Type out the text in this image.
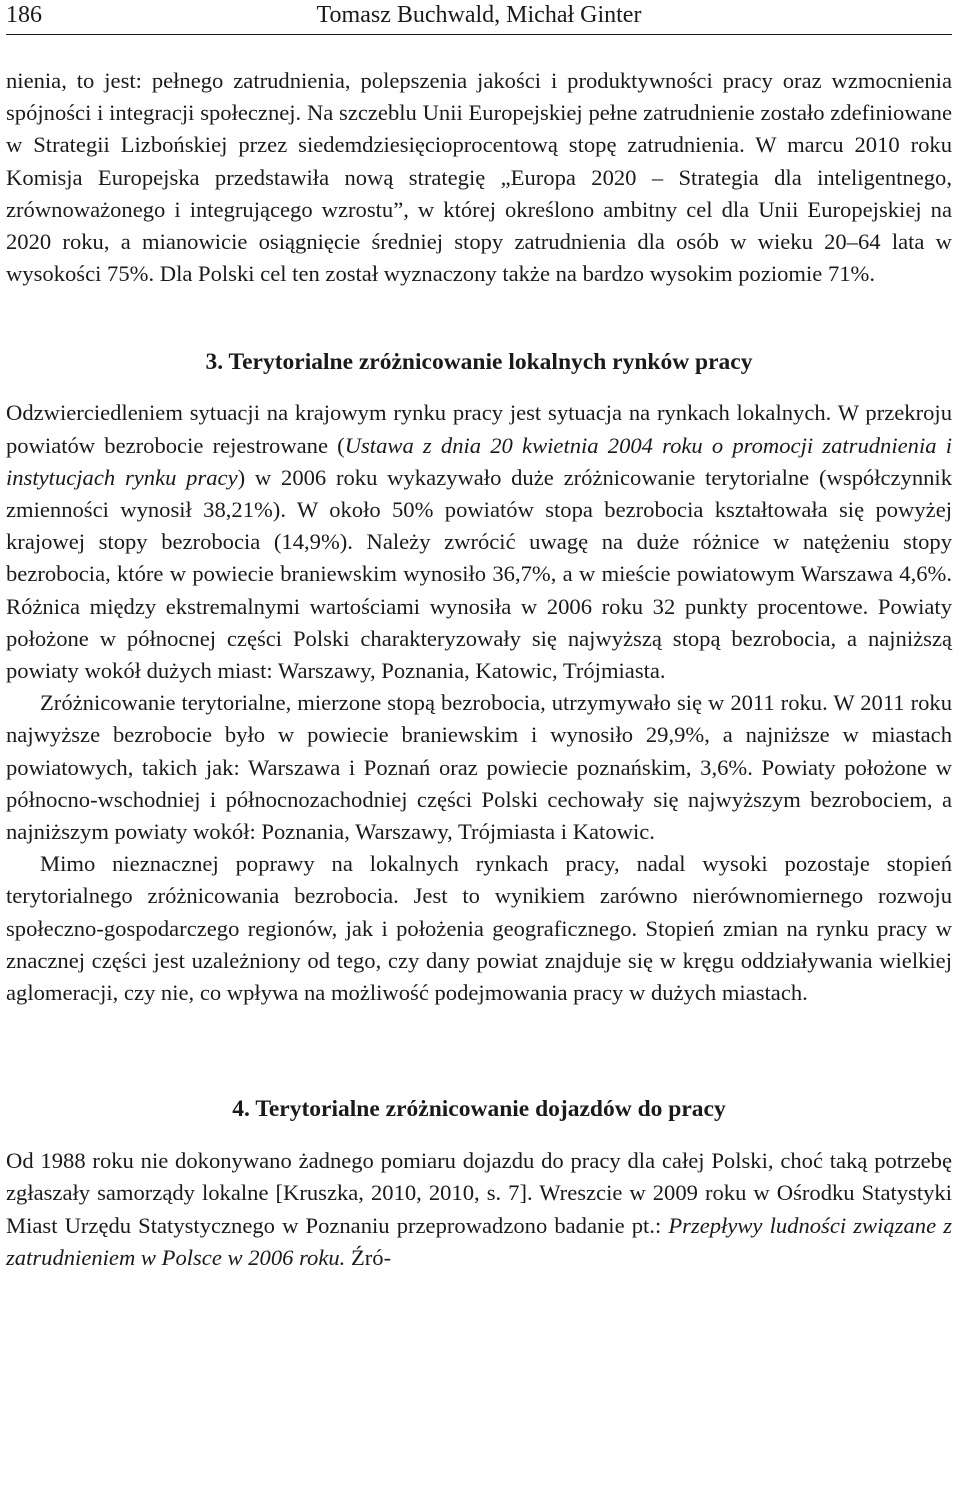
186	Tomasz Buchwald, Michał Ginter

nienia, to jest: pełnego zatrudnienia, polepszenia jakości i produktywności pracy oraz wzmocnienia spójności i integracji społecznej. Na szczeblu Unii Europejskiej pełne zatrudnienie zostało zdefiniowane w Strategii Lizbońskiej przez siedemdziesięcioprocentową stopę zatrudnienia. W marcu 2010 roku Komisja Europejska przedstawiła nową strategię „Europa 2020 – Strategia dla inteligentnego, zrównoważonego i integrującego wzrostu”, w której określono ambitny cel dla Unii Europejskiej na 2020 roku, a mianowicie osiągnięcie średniej stopy zatrudnienia dla osób w wieku 20–64 lata w wysokości 75%. Dla Polski cel ten został wyznaczony także na bardzo wysokim poziomie 71%.

3. Terytorialne zróżnicowanie lokalnych rynków pracy

Odzwierciedleniem sytuacji na krajowym rynku pracy jest sytuacja na rynkach lokalnych. W przekroju powiatów bezrobocie rejestrowane (Ustawa z dnia 20 kwietnia 2004 roku o promocji zatrudnienia i instytucjach rynku pracy) w 2006 roku wykazywało duże zróżnicowanie terytorialne (współczynnik zmienności wynosił 38,21%). W około 50% powiatów stopa bezrobocia kształtowała się powyżej krajowej stopy bezrobocia (14,9%). Należy zwrócić uwagę na duże różnice w natężeniu stopy bezrobocia, które w powiecie braniewskim wynosiło 36,7%, a w mieście powiatowym Warszawa 4,6%. Różnica między ekstremalnymi wartościami wynosiła w 2006 roku 32 punkty procentowe. Powiaty położone w północnej części Polski charakteryzowały się najwyższą stopą bezrobocia, a najniższą powiaty wokół dużych miast: Warszawy, Poznania, Katowic, Trójmiasta.

Zróżnicowanie terytorialne, mierzone stopą bezrobocia, utrzymywało się w 2011 roku. W 2011 roku najwyższe bezrobocie było w powiecie braniewskim i wynosiło 29,9%, a najniższe w miastach powiatowych, takich jak: Warszawa i Poznań oraz powiecie poznańskim, 3,6%. Powiaty położone w północno-wschodniej i północnozachodniej części Polski cechowały się najwyższym bezrobociem, a najniższym powiaty wokół: Poznania, Warszawy, Trójmiasta i Katowic.

Mimo nieznacznej poprawy na lokalnych rynkach pracy, nadal wysoki pozostaje stopień terytorialnego zróżnicowania bezrobocia. Jest to wynikiem zarówno nierównomiernego rozwoju społeczno-gospodarczego regionów, jak i położenia geograficznego. Stopień zmian na rynku pracy w znacznej części jest uzależniony od tego, czy dany powiat znajduje się w kręgu oddziaływania wielkiej aglomeracji, czy nie, co wpływa na możliwość podejmowania pracy w dużych miastach.

4. Terytorialne zróżnicowanie dojazdów do pracy

Od 1988 roku nie dokonywano żadnego pomiaru dojazdu do pracy dla całej Polski, choć taką potrzebę zgłaszały samorządy lokalne [Kruszka, 2010, 2010, s. 7]. Wreszcie w 2009 roku w Ośrodku Statystyki Miast Urzędu Statystycznego w Poznaniu przeprowadzono badanie pt.: Przepływy ludności związane z zatrudnieniem w Polsce w 2006 roku. Źró-
